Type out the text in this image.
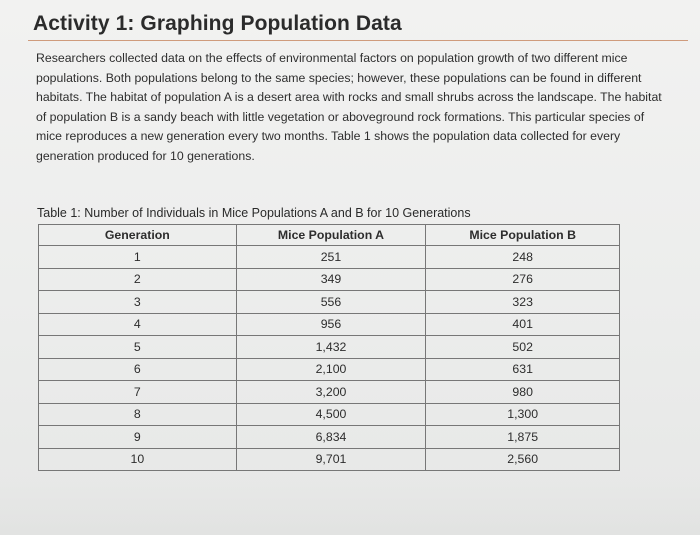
Activity 1: Graphing Population Data

Researchers collected data on the effects of environmental factors on population growth of two different mice populations. Both populations belong to the same species; however, these populations can be found in different habitats. The habitat of population A is a desert area with rocks and small shrubs across the landscape. The habitat of population B is a sandy beach with little vegetation or aboveground rock formations. This particular species of mice reproduces a new generation every two months. Table 1 shows the population data collected for every generation produced for 10 generations.

Table 1: Number of Individuals in Mice Populations A and B for 10 Generations
Generation	Mice Population A	Mice Population B
1	251	248
2	349	276
3	556	323
4	956	401
5	1,432	502
6	2,100	631
7	3,200	980
8	4,500	1,300
9	6,834	1,875
10	9,701	2,560
